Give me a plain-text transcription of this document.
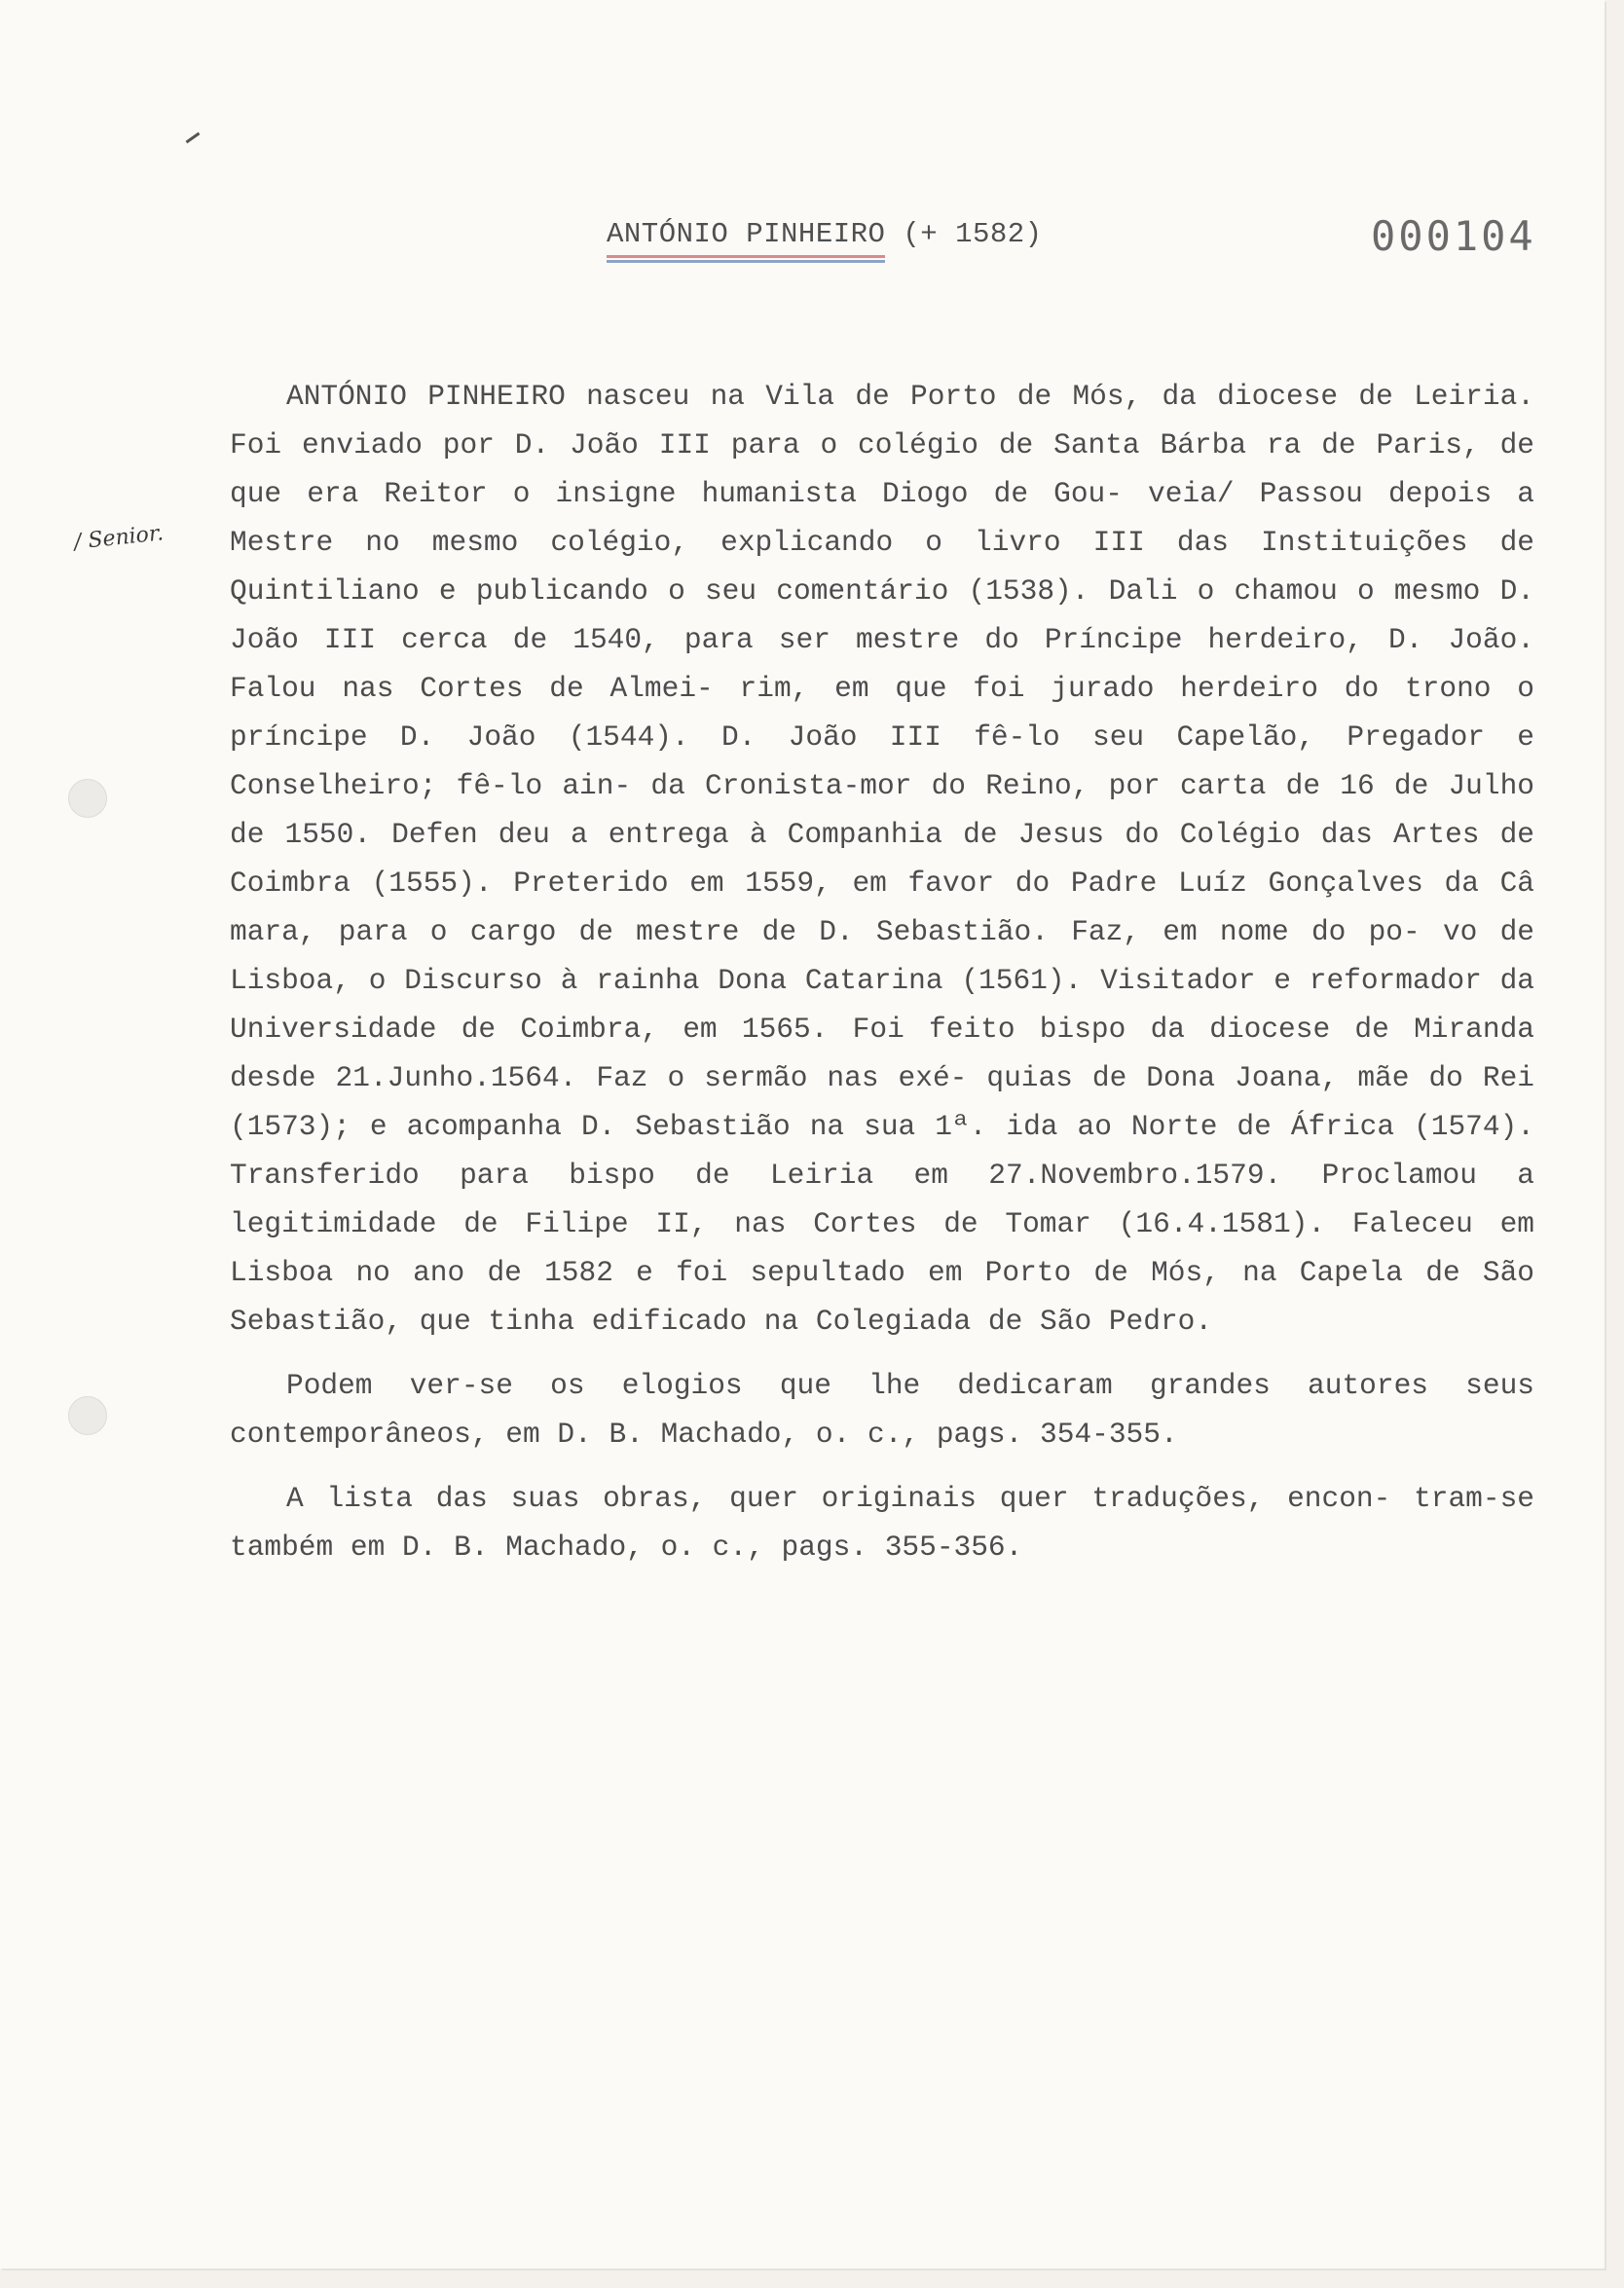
ANTÓNIO PINHEIRO (+ 1582)	000104
/ Senior.

ANTÓNIO PINHEIRO nasceu na Vila de Porto de Mós, da diocese de Leiria. Foi enviado por D. João III para o colégio de Santa Bárba ra de Paris, de que era Reitor o insigne humanista Diogo de Gou- veia/ Passou depois a Mestre no mesmo colégio, explicando o livro III das Instituições de Quintiliano e publicando o seu comentário (1538). Dali o chamou o mesmo D. João III cerca de 1540, para ser mestre do Príncipe herdeiro, D. João. Falou nas Cortes de Almei- rim, em que foi jurado herdeiro do trono o príncipe D. João (1544). D. João III fê-lo seu Capelão, Pregador e Conselheiro; fê-lo ain- da Cronista-mor do Reino, por carta de 16 de Julho de 1550. Defen deu a entrega à Companhia de Jesus do Colégio das Artes de Coimbra (1555). Preterido em 1559, em favor do Padre Luíz Gonçalves da Câ mara, para o cargo de mestre de D. Sebastião. Faz, em nome do po- vo de Lisboa, o Discurso à rainha Dona Catarina (1561). Visitador e reformador da Universidade de Coimbra, em 1565. Foi feito bispo da diocese de Miranda desde 21.Junho.1564. Faz o sermão nas exé- quias de Dona Joana, mãe do Rei (1573); e acompanha D. Sebastião na sua 1ª. ida ao Norte de África (1574). Transferido para bispo de Leiria em 27.Novembro.1579. Proclamou a legitimidade de Filipe II, nas Cortes de Tomar (16.4.1581). Faleceu em Lisboa no ano de 1582 e foi sepultado em Porto de Mós, na Capela de São Sebastião, que tinha edificado na Colegiada de São Pedro.

Podem ver-se os elogios que lhe dedicaram grandes autores seus contemporâneos, em D. B. Machado, o. c., pags. 354-355.

A lista das suas obras, quer originais quer traduções, encon- tram-se também em D. B. Machado, o. c., pags. 355-356.
